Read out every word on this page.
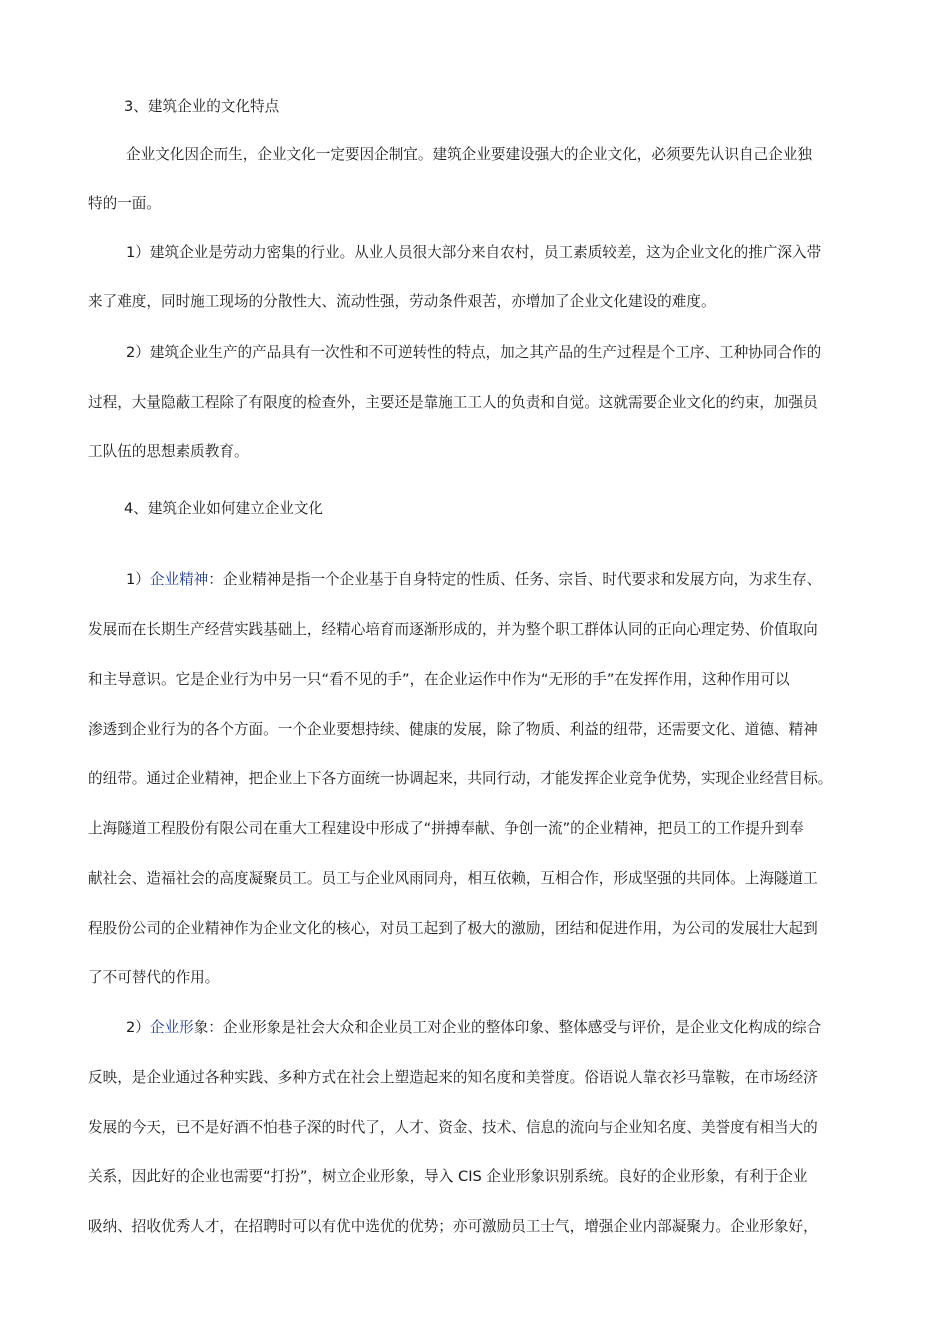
3、建筑企业的文化特点
企业文化因企而生，企业文化一定要因企制宜。建筑企业要建设强大的企业文化，必须要先认识自己企业独
特的一面。
1）建筑企业是劳动力密集的行业。从业人员很大部分来自农村，员工素质较差，这为企业文化的推广深入带
来了难度，同时施工现场的分散性大、流动性强，劳动条件艰苦，亦增加了企业文化建设的难度。
2）建筑企业生产的产品具有一次性和不可逆转性的特点，加之其产品的生产过程是个工序、工种协同合作的
过程，大量隐蔽工程除了有限度的检查外，主要还是靠施工工人的负责和自觉。这就需要企业文化的约束，加强员
工队伍的思想素质教育。
4、建筑企业如何建立企业文化
1）企业精神：企业精神是指一个企业基于自身特定的性质、任务、宗旨、时代要求和发展方向，为求生存、
发展而在长期生产经营实践基础上，经精心培育而逐渐形成的，并为整个职工群体认同的正向心理定势、价值取向
和主导意识。它是企业行为中另一只“看不见的手”，在企业运作中作为“无形的手”在发挥作用，这种作用可以
渗透到企业行为的各个方面。一个企业要想持续、健康的发展，除了物质、利益的纽带，还需要文化、道德、精神
的纽带。通过企业精神，把企业上下各方面统一协调起来，共同行动，才能发挥企业竞争优势，实现企业经营目标。
上海隧道工程股份有限公司在重大工程建设中形成了“拼搏奉献、争创一流”的企业精神，把员工的工作提升到奉
献社会、造福社会的高度凝聚员工。员工与企业风雨同舟，相互依赖，互相合作，形成坚强的共同体。上海隧道工
程股份公司的企业精神作为企业文化的核心，对员工起到了极大的激励，团结和促进作用，为公司的发展壮大起到
了不可替代的作用。
2）企业形象：企业形象是社会大众和企业员工对企业的整体印象、整体感受与评价，是企业文化构成的综合
反映，是企业通过各种实践、多种方式在社会上塑造起来的知名度和美誉度。俗语说人靠衣衫马靠鞍，在市场经济
发展的今天，已不是好酒不怕巷子深的时代了，人才、资金、技术、信息的流向与企业知名度、美誉度有相当大的
关系，因此好的企业也需要“打扮”，树立企业形象，导入 CIS 企业形象识别系统。良好的企业形象，有利于企业
吸纳、招收优秀人才，在招聘时可以有优中选优的优势；亦可激励员工士气，增强企业内部凝聚力。企业形象好，
